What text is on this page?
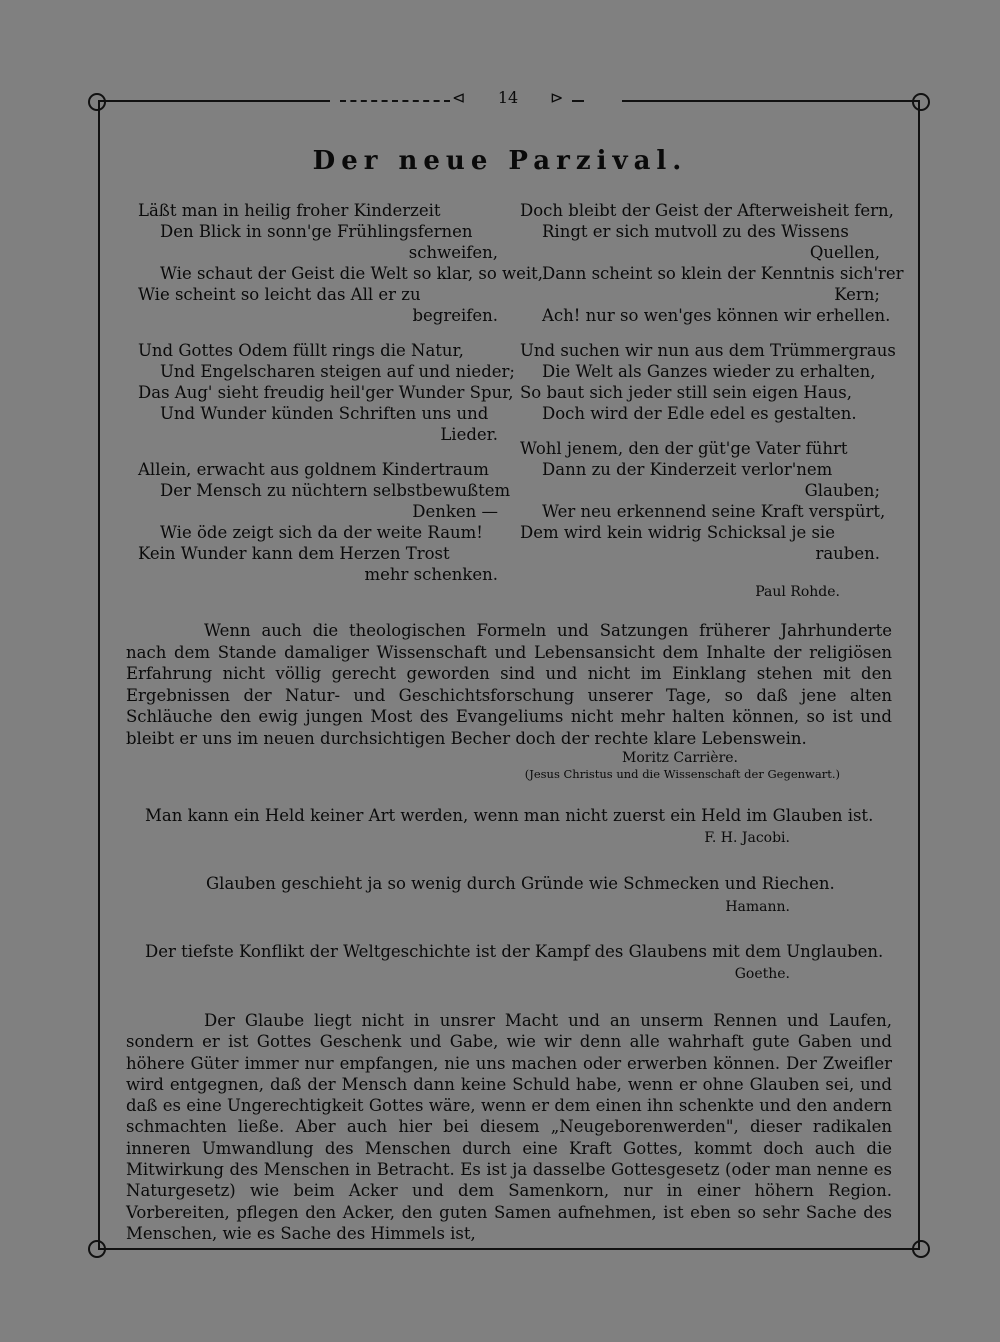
⊲	14	⊳
Der neue Parzival.
Läßt man in heilig froher Kinderzeit
Den Blick in sonn'ge Frühlingsfernen
schweifen,
Wie schaut der Geist die Welt so klar, so weit,
Wie scheint so leicht das All er zu
begreifen.
Und Gottes Odem füllt rings die Natur,
Und Engelscharen steigen auf und nieder;
Das Aug' sieht freudig heil'ger Wunder Spur,
Und Wunder künden Schriften uns und
Lieder.
Allein, erwacht aus goldnem Kindertraum
Der Mensch zu nüchtern selbstbewußtem
Denken —
Wie öde zeigt sich da der weite Raum!
Kein Wunder kann dem Herzen Trost
mehr schenken.
Doch bleibt der Geist der Afterweisheit fern,
Ringt er sich mutvoll zu des Wissens
Quellen,
Dann scheint so klein der Kenntnis sich'rer
Kern;
Ach! nur so wen'ges können wir erhellen.
Und suchen wir nun aus dem Trümmergraus
Die Welt als Ganzes wieder zu erhalten,
So baut sich jeder still sein eigen Haus,
Doch wird der Edle edel es gestalten.
Wohl jenem, den der güt'ge Vater führt
Dann zu der Kinderzeit verlor'nem
Glauben;
Wer neu erkennend seine Kraft verspürt,
Dem wird kein widrig Schicksal je sie
rauben.
Paul Rohde.
Wenn auch die theologischen Formeln und Satzungen früherer Jahrhunderte nach dem Stande damaliger Wissenschaft und Lebensansicht dem Inhalte der religiösen Erfahrung nicht völlig gerecht geworden sind und nicht im Einklang stehen mit den Ergebnissen der Natur- und Geschichtsforschung unserer Tage, so daß jene alten Schläuche den ewig jungen Most des Evangeliums nicht mehr halten können, so ist und bleibt er uns im neuen durchsichtigen Becher doch der rechte klare Lebenswein.
Moritz Carrière.
(Jesus Christus und die Wissenschaft der Gegenwart.)
Man kann ein Held keiner Art werden, wenn man nicht zuerst ein Held im Glauben ist.
F. H. Jacobi.
Glauben geschieht ja so wenig durch Gründe wie Schmecken und Riechen.
Hamann.
Der tiefste Konflikt der Weltgeschichte ist der Kampf des Glaubens mit dem Unglauben.
Goethe.
Der Glaube liegt nicht in unsrer Macht und an unserm Rennen und Laufen, sondern er ist Gottes Geschenk und Gabe, wie wir denn alle wahrhaft gute Gaben und höhere Güter immer nur empfangen, nie uns machen oder erwerben können. Der Zweifler wird entgegnen, daß der Mensch dann keine Schuld habe, wenn er ohne Glauben sei, und daß es eine Ungerechtigkeit Gottes wäre, wenn er dem einen ihn schenkte und den andern schmachten ließe. Aber auch hier bei diesem „Neugeborenwerden", dieser radikalen inneren Umwandlung des Menschen durch eine Kraft Gottes, kommt doch auch die Mitwirkung des Menschen in Betracht. Es ist ja dasselbe Gottesgesetz (oder man nenne es Naturgesetz) wie beim Acker und dem Samenkorn, nur in einer höhern Region. Vorbereiten, pflegen den Acker, den guten Samen aufnehmen, ist eben so sehr Sache des Menschen, wie es Sache des Himmels ist,
